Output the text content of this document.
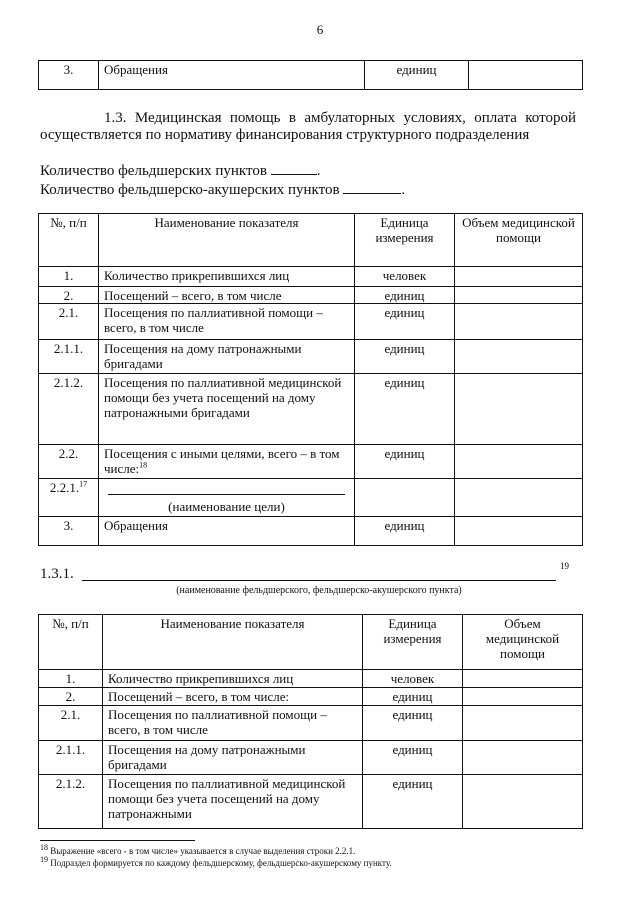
6
3.	Обращения	единиц	
1.3. Медицинская помощь в амбулаторных условиях, оплата которой
осуществляется по нормативу финансирования структурного подразделения
Количество фельдшерских пунктов	.
Количество фельдшерско-акушерских пунктов	.
№, п/п	Наименование показателя	Единица измерения	Объем медицинской помощи
1.	Количество прикрепившихся лиц	человек	
2.	Посещений – всего, в том числе	единиц	
2.1.	Посещения по паллиативной помощи – всего, в том числе	единиц	
2.1.1.	Посещения на дому патронажными бригадами	единиц	
2.1.2.	Посещения по паллиативной медицинской помощи без учета посещений на дому патронажными бригадами	единиц	
2.2.	Посещения с иными целями, всего – в том числе:$^{18}$	единиц	
2.2.1.17	(наименование цели)		
3.	Обращения	единиц	
1.3.1.	19
(наименование фельдшерского, фельдшерско-акушерского пункта)
№, п/п	Наименование показателя	Единица измерения	Объем медицинской помощи
1.	Количество прикрепившихся лиц	человек	
2.	Посещений – всего, в том числе:	единиц	
2.1.	Посещения по паллиативной помощи – всего, в том числе	единиц	
2.1.1.	Посещения на дому патронажными бригадами	единиц	
2.1.2.	Посещения по паллиативной медицинской помощи без учета посещений на дому патронажными	единиц	
$^{18}$ Выражение «всего - в том числе» указывается в случае выделения строки 2.2.1.
$^{19}$ Подраздел формируется по каждому фельдшерскому, фельдшерско-акушерскому пункту.
